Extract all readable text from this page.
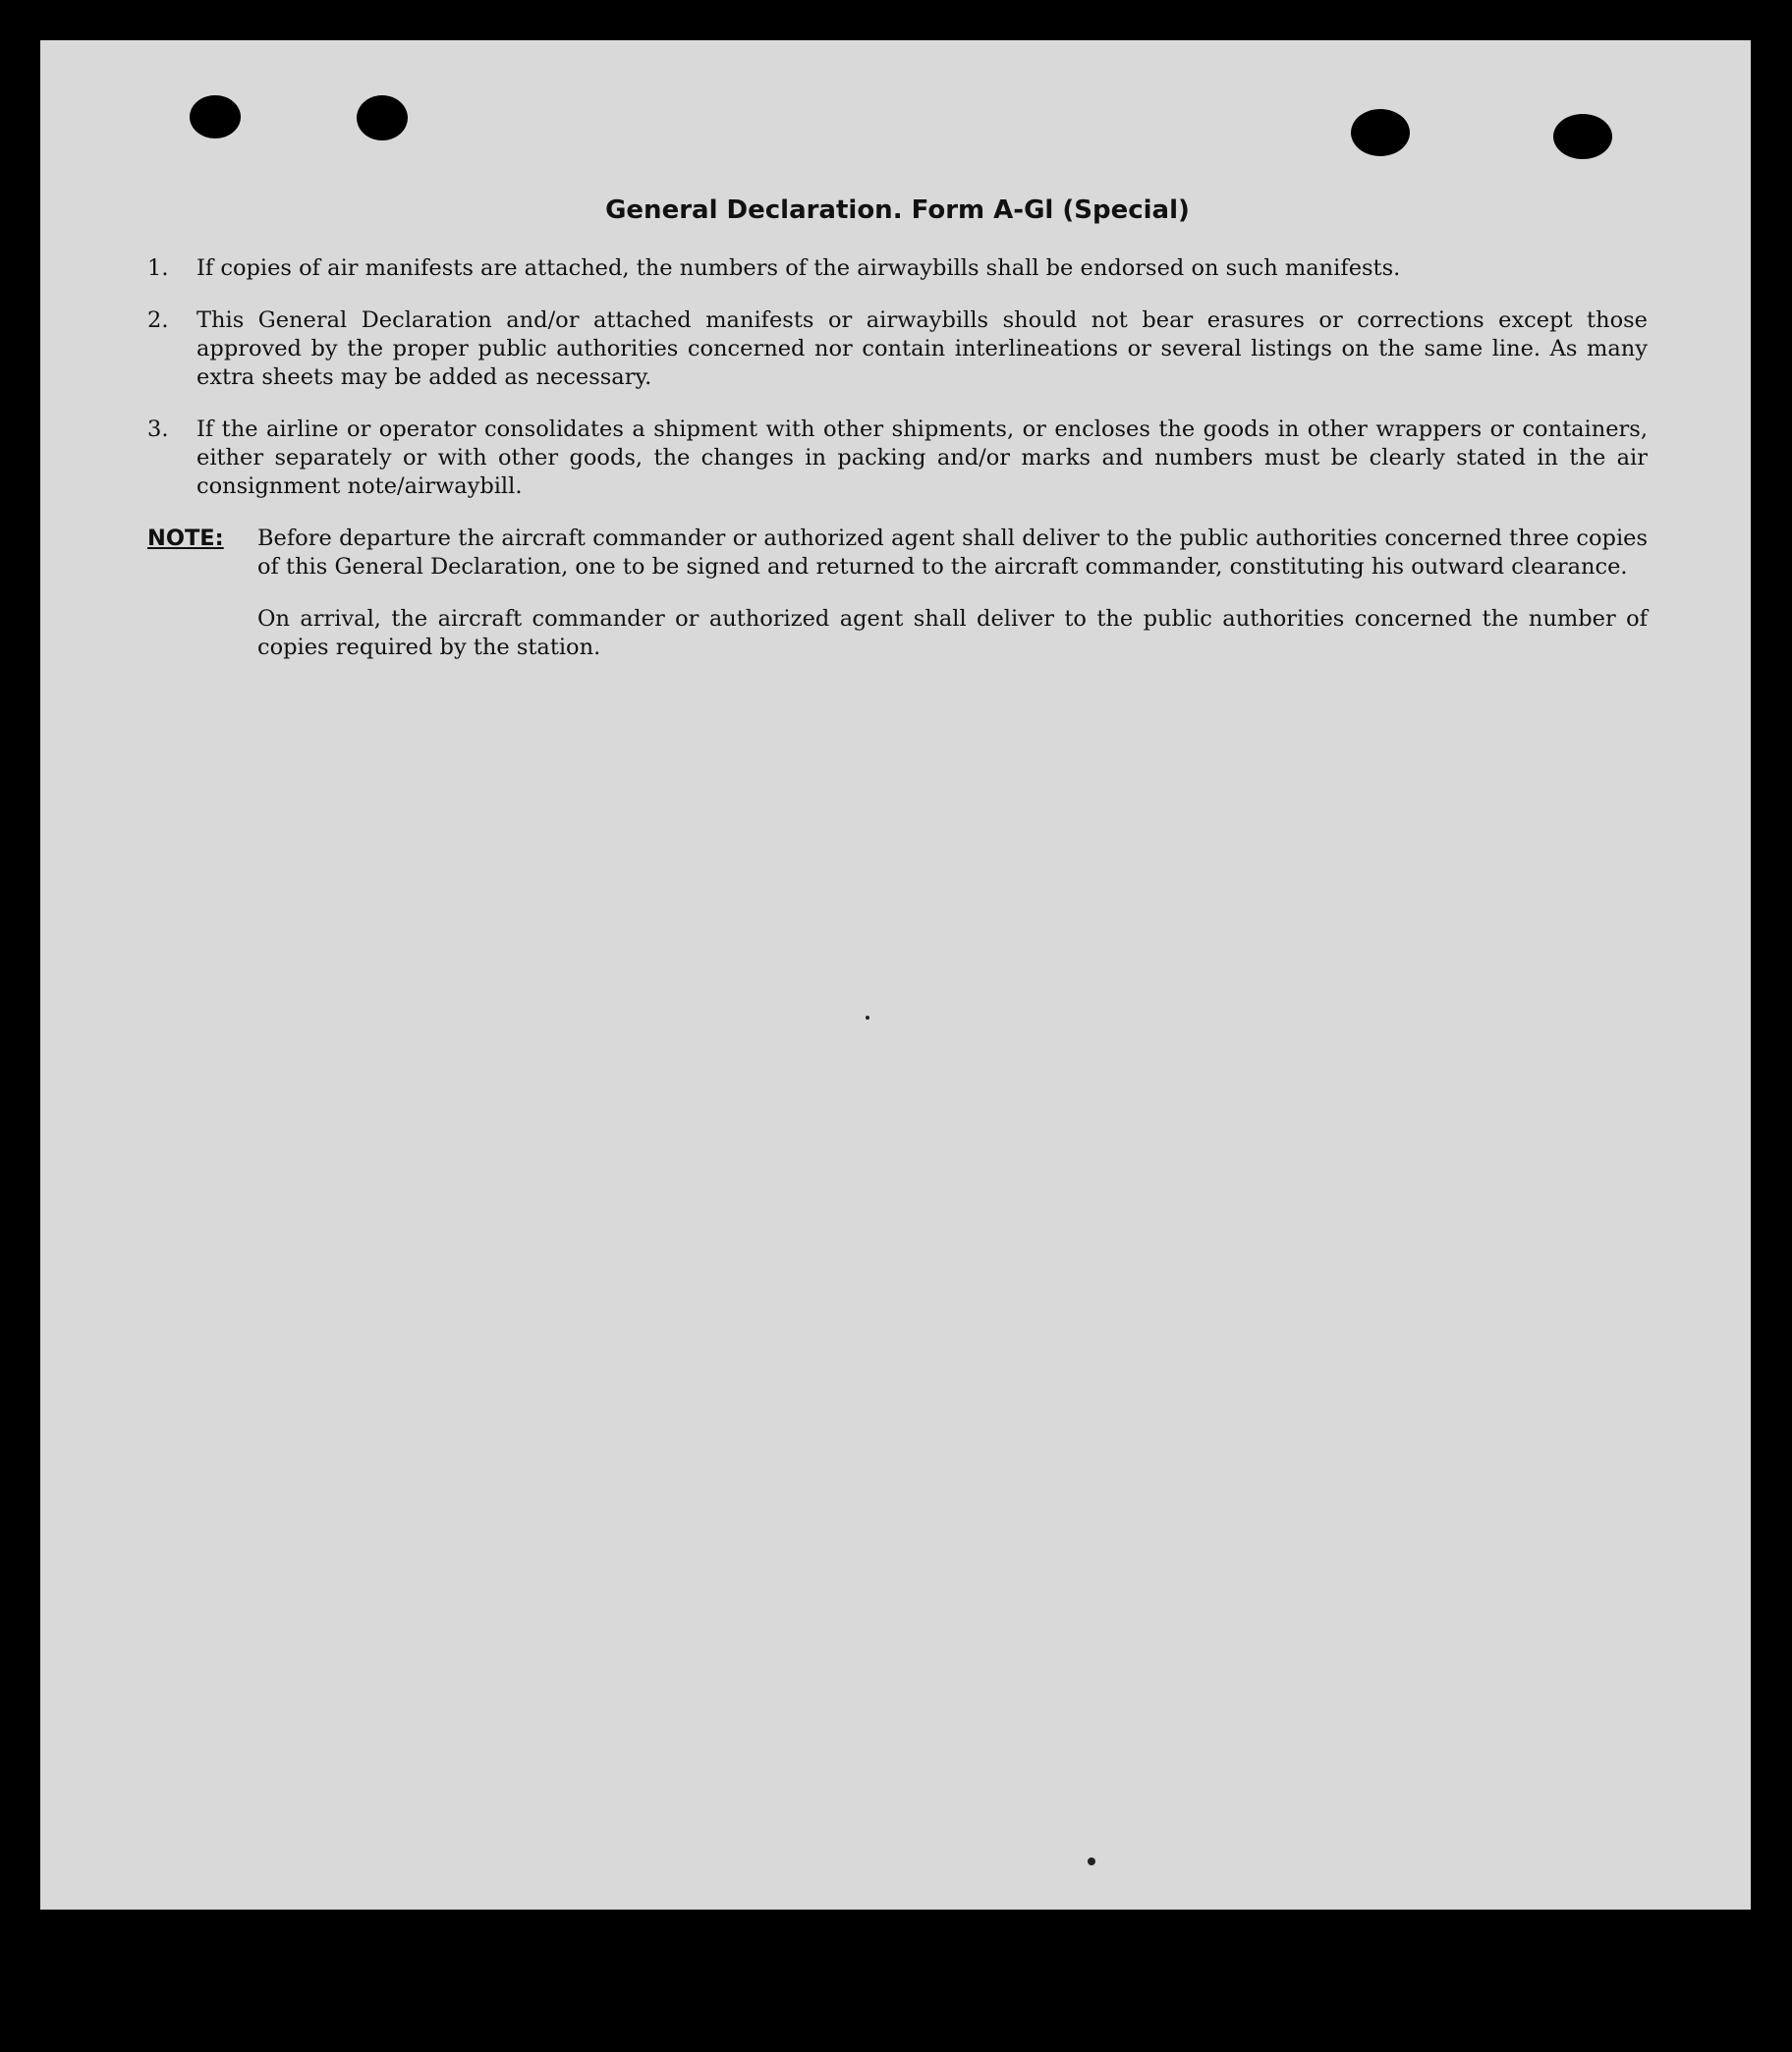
General Declaration. Form A-Gl (Special)
1.	If copies of air manifests are attached, the numbers of the airwaybills shall be endorsed on such manifests.
2.	This General Declaration and/or attached manifests or airwaybills should not bear erasures or corrections except those approved by the proper public authorities concerned nor contain interlineations or several listings on the same line. As many extra sheets may be added as necessary.
3.	If the airline or operator consolidates a shipment with other shipments, or encloses the goods in other wrappers or containers, either separately or with other goods, the changes in packing and/or marks and numbers must be clearly stated in the air consignment note/airwaybill.
NOTE:	Before departure the aircraft commander or authorized agent shall deliver to the public authorities concerned three copies of this General Declaration, one to be signed and returned to the aircraft commander, constituting his outward clearance.

On arrival, the aircraft commander or authorized agent shall deliver to the public authorities concerned the number of copies required by the station.
